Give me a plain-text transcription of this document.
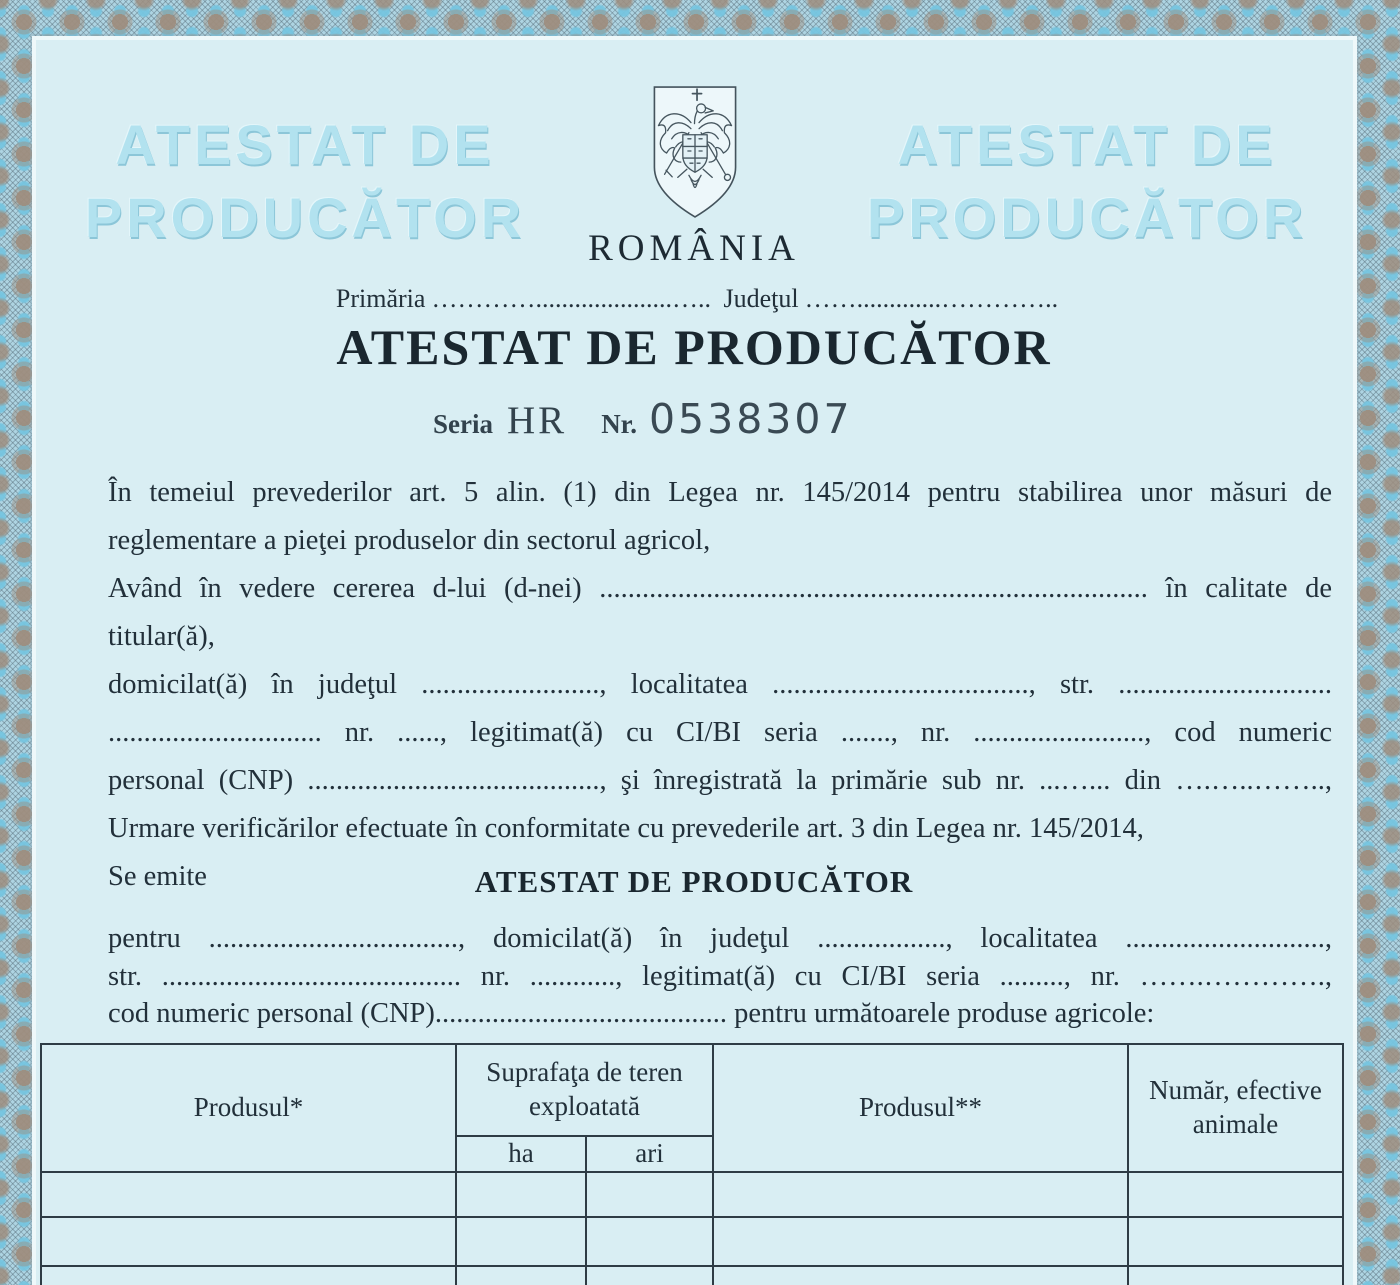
ATESTAT DE
PRODUCĂTOR
ATESTAT DE
PRODUCĂTOR
ROMÂNIA
Primăria ………….....................….. Judeţul …….............…………..
ATESTAT DE PRODUCĂTOR
Seria HR Nr. 0538307
În temeiul prevederilor art. 5 alin. (1) din Legea nr. 145/2014 pentru stabilirea unor măsuri de
reglementare a pieţei produselor din sectorul agricol,
Având în vedere cererea d-lui (d-nei) ............................................................................. în calitate de titular(ă),
domicilat(ă) în judeţul ........................., localitatea ...................................., str. ..............................
.............................. nr. ......, legitimat(ă) cu CI/BI seria ......., nr. ........................, cod numeric
personal (CNP) ........................................., şi înregistrată la primărie sub nr. ...…... din ….…..……..,
Urmare verificărilor efectuate în conformitate cu prevederile art. 3 din Legea nr. 145/2014,
Se emite	ATESTAT DE PRODUCĂTOR
pentru ..................................., domicilat(ă) în judeţul .................., localitatea ............................,
str. .......................................... nr. ............, legitimat(ă) cu CI/BI seria ........., nr. …….………….,
cod numeric personal (CNP)......................................... pentru următoarele produse agricole:
Produsul*	Suprafaţa de teren exploatată		Produsul**	Număr, efective animale
	ha	ari		
